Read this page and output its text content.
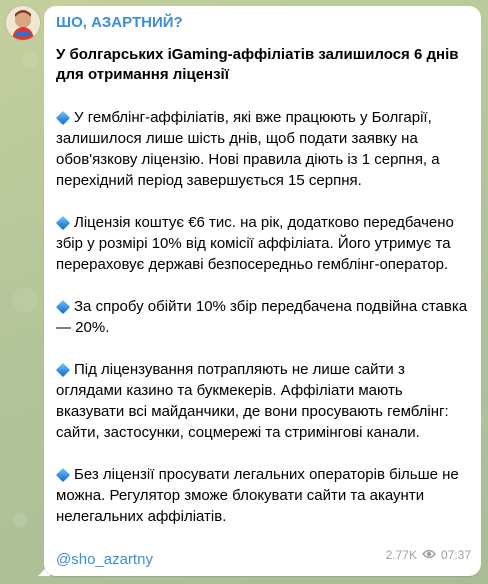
ШО, АЗАРТНИЙ?
У болгарських iGaming-аффіліатів залишилося 6 днів для отримання ліцензії
У гемблінг-аффіліатів, які вже працюють у Болгарії, залишилося лише шість днів, щоб подати заявку на обов'язкову ліцензію. Нові правила діють із 1 серпня, а перехідний період завершується 15 серпня.
Ліцензія коштує €6 тис. на рік, додатково передбачено збір у розмірі 10% від комісії аффіліата. Його утримує та перераховує державі безпосередньо гемблінг-оператор.
За спробу обійти 10% збір передбачена подвійна ставка — 20%.
Під ліцензування потрапляють не лише сайти з оглядами казино та букмекерів. Аффіліати мають вказувати всі майданчики, де вони просувають гемблінг: сайти, застосунки, соцмережі та стримінгові канали.
Без ліцензії просувати легальних операторів більше не можна. Регулятор зможе блокувати сайти та акаунти нелегальних аффіліатів.
@sho_azartny	2.77K 07:37
